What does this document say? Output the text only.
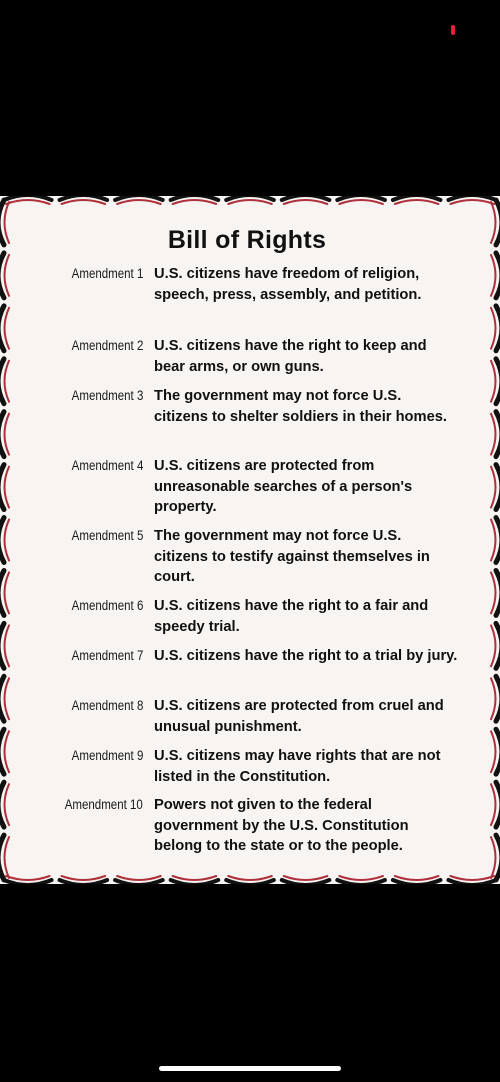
Bill of Rights
Amendment 1 U.S. citizens have freedom of religion, speech, press, assembly, and petition.
Amendment 2 U.S. citizens have the right to keep and bear arms, or own guns.
Amendment 3 The government may not force U.S. citizens to shelter soldiers in their homes.
Amendment 4 U.S. citizens are protected from unreasonable searches of a person's property.
Amendment 5 The government may not force U.S. citizens to testify against themselves in court.
Amendment 6 U.S. citizens have the right to a fair and speedy trial.
Amendment 7 U.S. citizens have the right to a trial by jury.
Amendment 8 U.S. citizens are protected from cruel and unusual punishment.
Amendment 9 U.S. citizens may have rights that are not listed in the Constitution.
Amendment 10 Powers not given to the federal government by the U.S. Constitution belong to the state or to the people.
